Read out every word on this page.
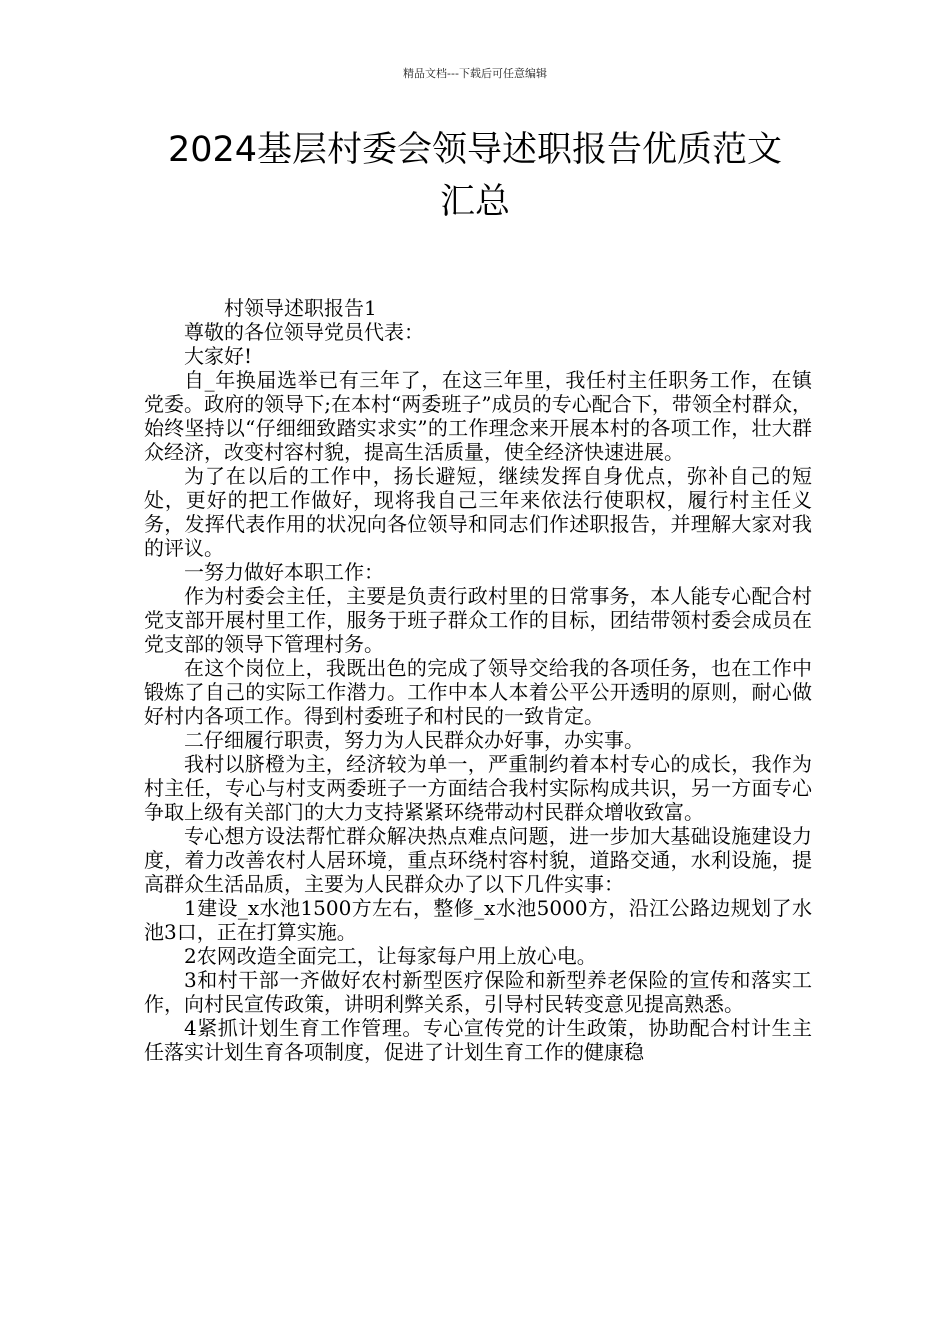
精品文档---下载后可任意编辑
2024基层村委会领导述职报告优质范文
汇总

村领导述职报告1

尊敬的各位领导党员代表：

大家好!

自_年换届选举已有三年了，在这三年里，我任村主任职务工作，在镇党委。政府的领导下;在本村“两委班子”成员的专心配合下，带领全村群众，始终坚持以“仔细细致踏实求实”的工作理念来开展本村的各项工作，壮大群众经济，改变村容村貌，提高生活质量，使全经济快速进展。

为了在以后的工作中，扬长避短，继续发挥自身优点，弥补自己的短处，更好的把工作做好，现将我自己三年来依法行使职权，履行村主任义务，发挥代表作用的状况向各位领导和同志们作述职报告，并理解大家对我的评议。

一努力做好本职工作：

作为村委会主任，主要是负责行政村里的日常事务，本人能专心配合村党支部开展村里工作，服务于班子群众工作的目标，团结带领村委会成员在党支部的领导下管理村务。

在这个岗位上，我既出色的完成了领导交给我的各项任务，也在工作中锻炼了自己的实际工作潜力。工作中本人本着公平公开透明的原则，耐心做好村内各项工作。得到村委班子和村民的一致肯定。

二仔细履行职责，努力为人民群众办好事，办实事。

我村以脐橙为主，经济较为单一，严重制约着本村专心的成长，我作为村主任，专心与村支两委班子一方面结合我村实际构成共识，另一方面专心争取上级有关部门的大力支持紧紧环绕带动村民群众增收致富。

专心想方设法帮忙群众解决热点难点问题，进一步加大基础设施建设力度，着力改善农村人居环境，重点环绕村容村貌，道路交通，水利设施，提高群众生活品质，主要为人民群众办了以下几件实事：

1建设_x水池1500方左右，整修_x水池5000方，沿江公路边规划了水池3口，正在打算实施。

2农网改造全面完工，让每家每户用上放心电。

3和村干部一齐做好农村新型医疗保险和新型养老保险的宣传和落实工作，向村民宣传政策，讲明利弊关系，引导村民转变意见提高熟悉。

4紧抓计划生育工作管理。专心宣传党的计生政策，协助配合村计生主任落实计划生育各项制度，促进了计划生育工作的健康稳
